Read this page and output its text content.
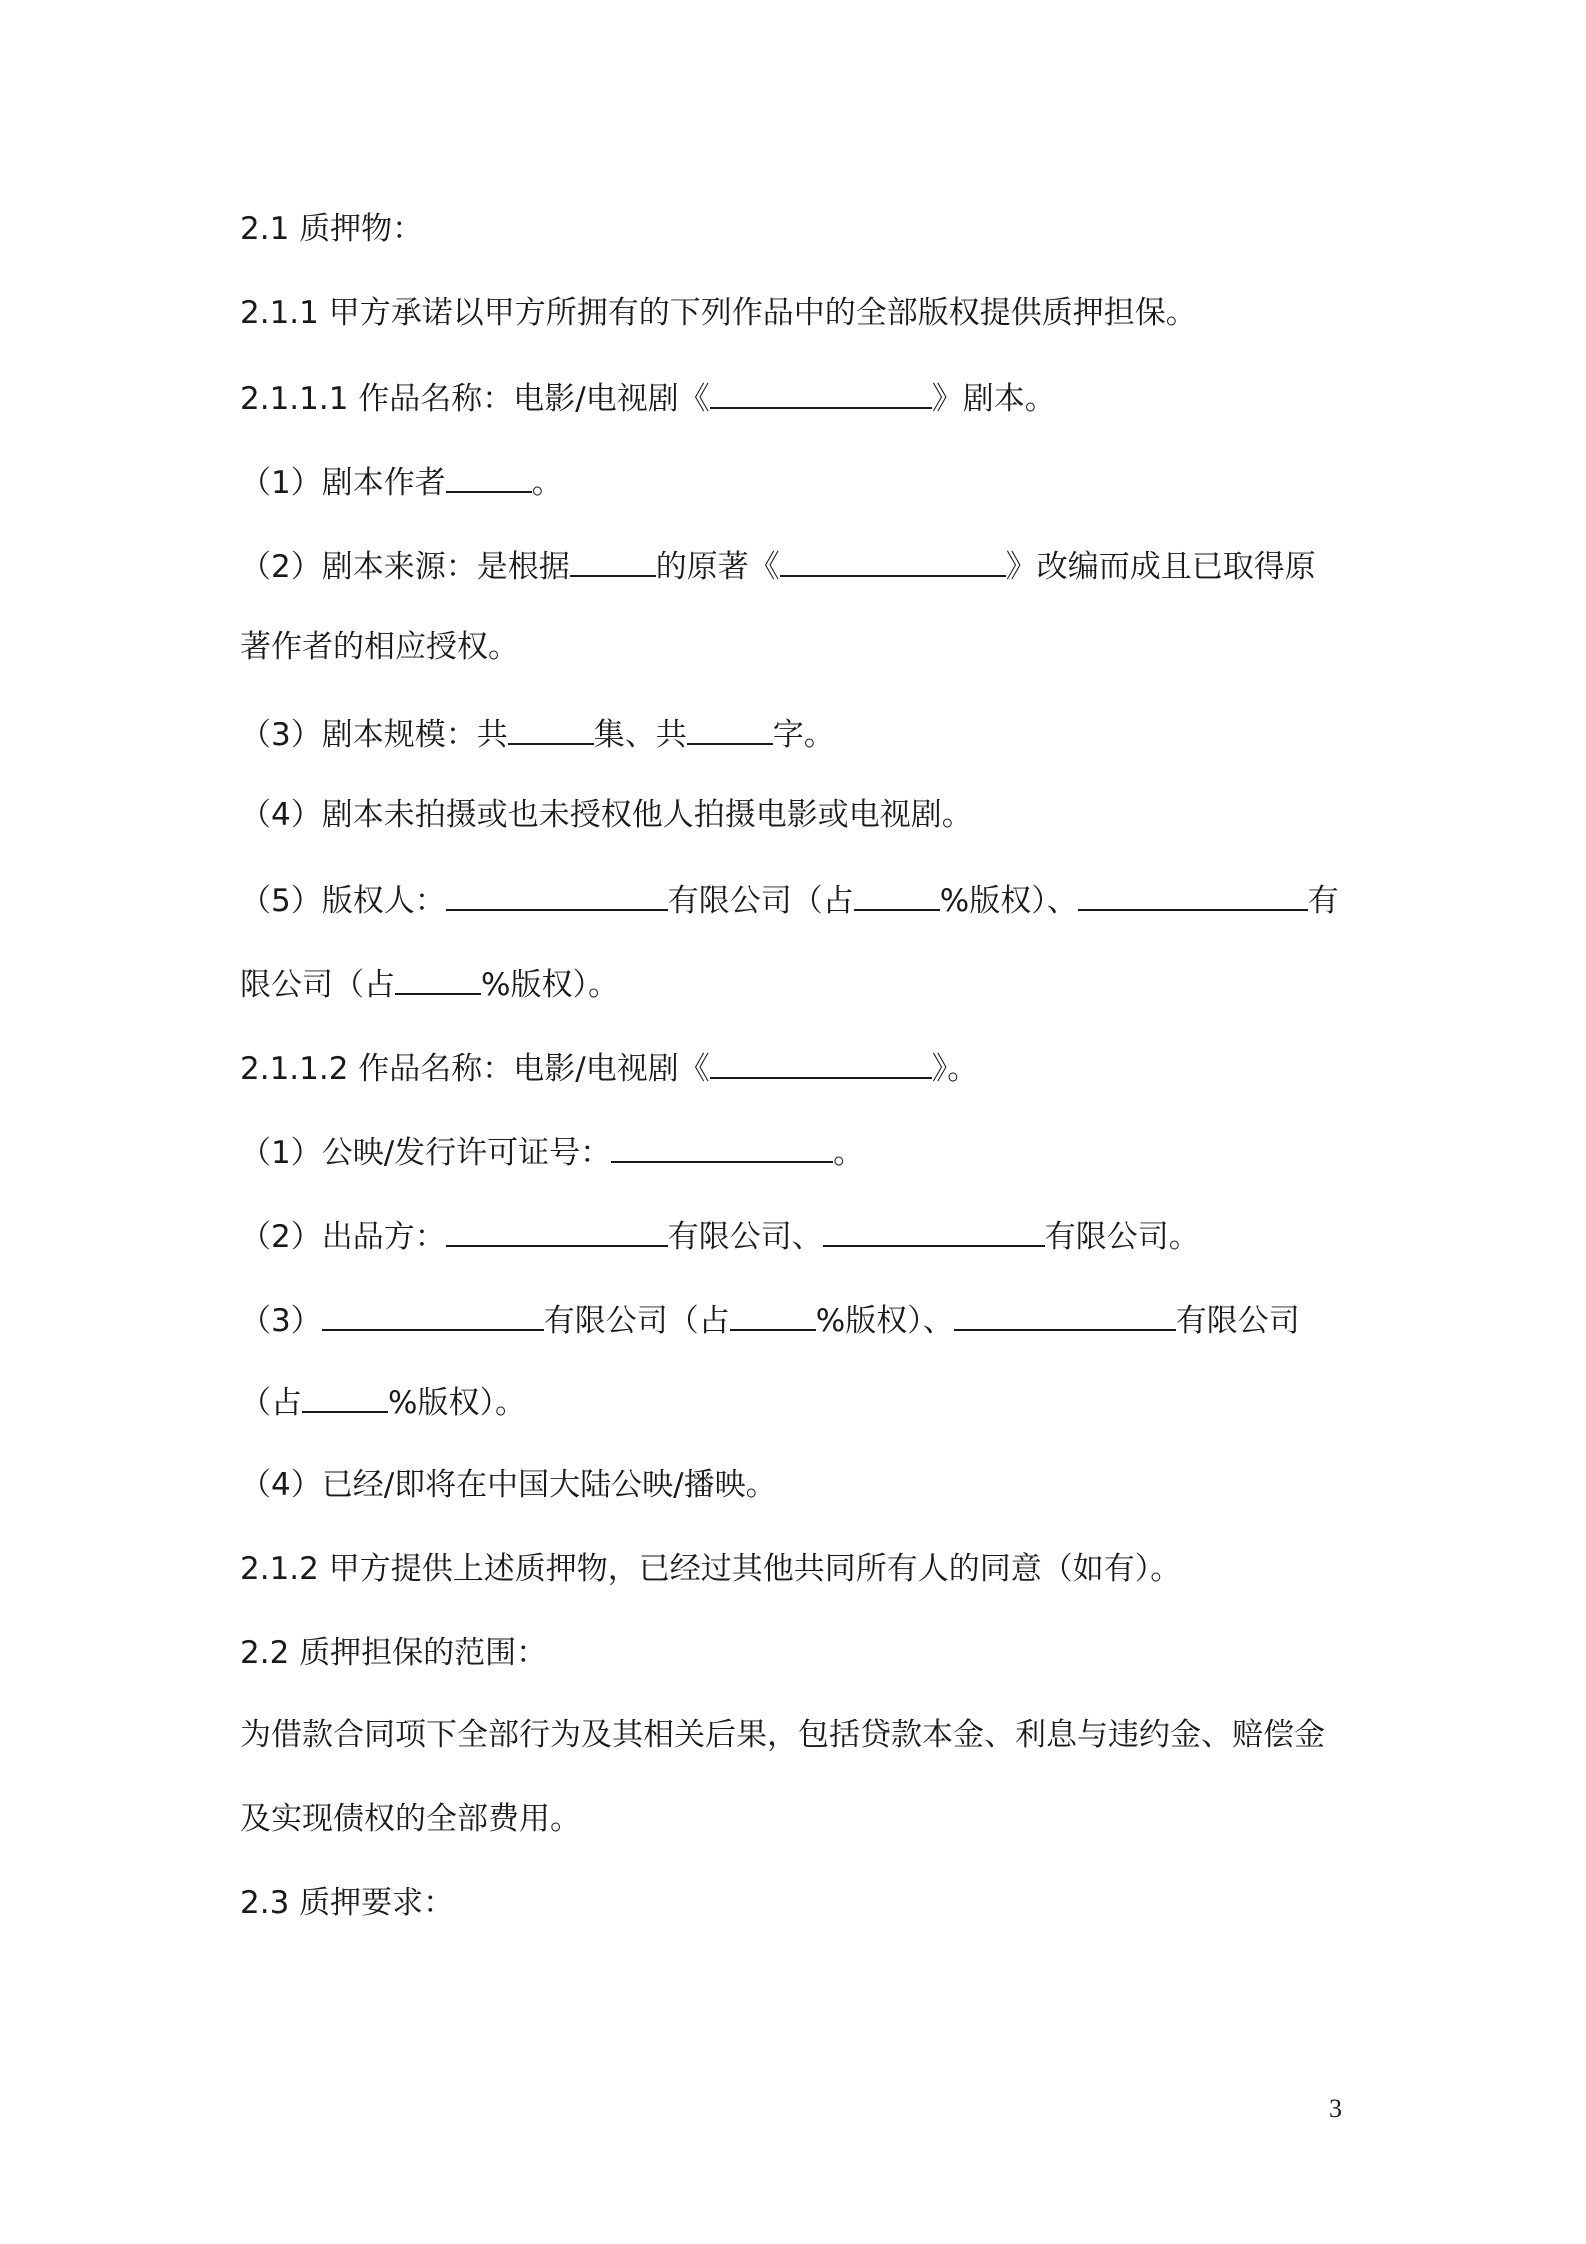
2.1 质押物：
2.1.1 甲方承诺以甲方所拥有的下列作品中的全部版权提供质押担保。
2.1.1.1 作品名称：电影/电视剧《	》剧本。
（1）剧本作者	。
（2）剧本来源：是根据	的原著《	》改编而成且已取得原
著作者的相应授权。
（3）剧本规模：共	集、共	字。
（4）剧本未拍摄或也未授权他人拍摄电影或电视剧。
（5）版权人：	有限公司（占	%版权）、	有
限公司（占	%版权）。
2.1.1.2 作品名称：电影/电视剧《	》。
（1）公映/发行许可证号：	。
（2）出品方：	有限公司、	有限公司。
（3）	有限公司（占	%版权）、	有限公司
（占	%版权）。
（4）已经/即将在中国大陆公映/播映。
2.1.2 甲方提供上述质押物，已经过其他共同所有人的同意（如有）。
2.2 质押担保的范围：
为借款合同项下全部行为及其相关后果，包括贷款本金、利息与违约金、赔偿金
及实现债权的全部费用。
2.3 质押要求：
3
